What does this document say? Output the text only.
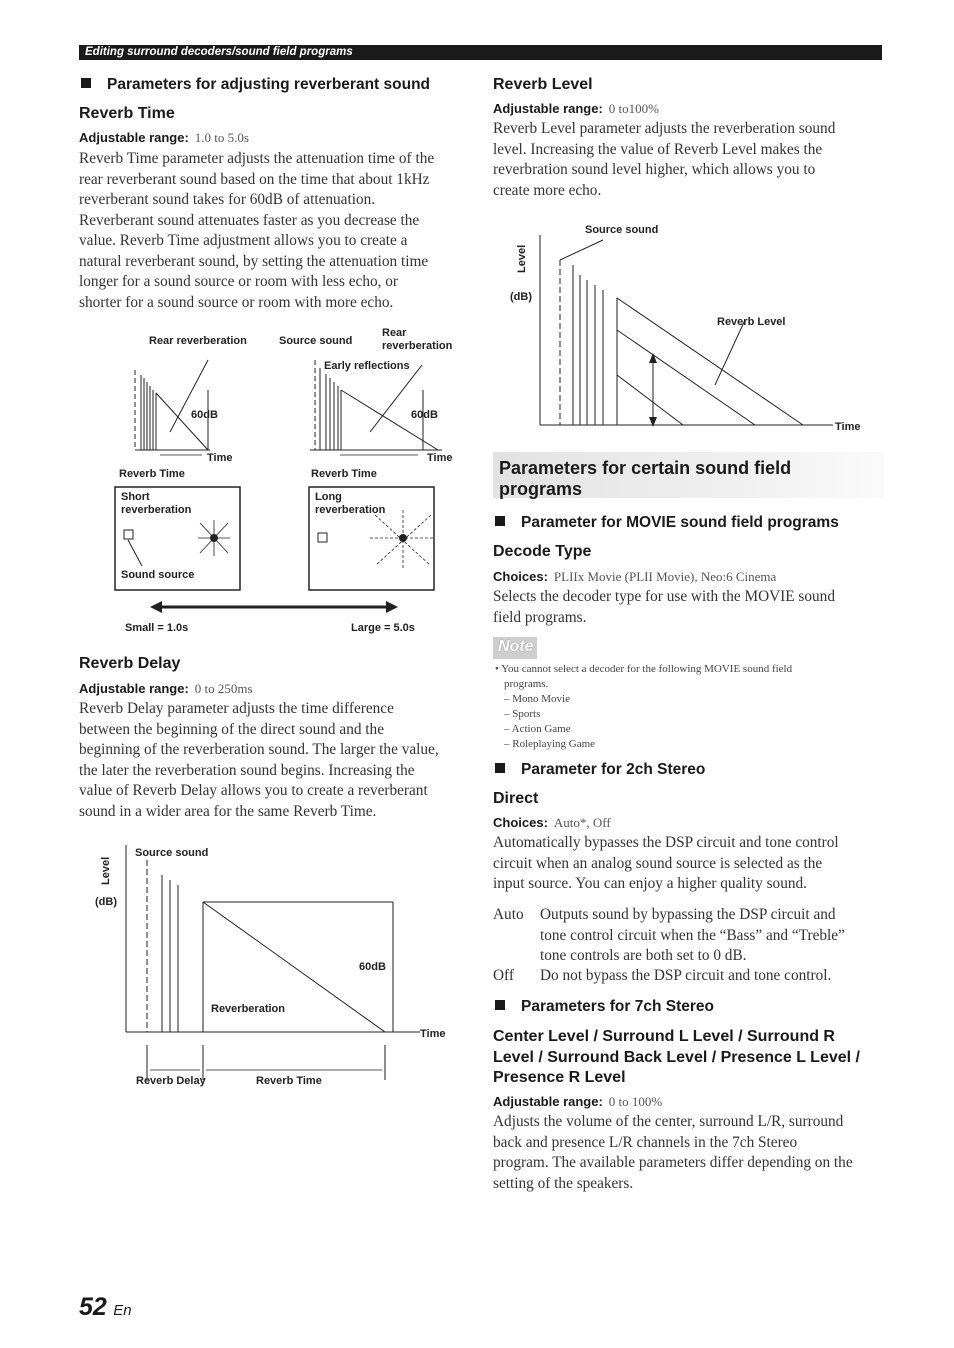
Editing surround decoders/sound field programs
Parameters for adjusting reverberant sound
Reverb Time
Adjustable range: 1.0 to 5.0s

Reverb Time parameter adjusts the attenuation time of the

rear reverberant sound based on the time that about 1kHz

reverberant sound takes for 60dB of attenuation.

Reverberant sound attenuates faster as you decrease the

value. Reverb Time adjustment allows you to create a

natural reverberant sound, by setting the attenuation time

longer for a sound source or room with less echo, or

shorter for a sound source or room with more echo.

Rear reverberation	Source sound
Rear
reverberation
60dB
Time
Reverb Time
Early reflections
60dB
Time
Reverb Time
Short
reverberation
Sound source
Long
reverberation
Small = 1.0s	Large = 5.0s
Reverb Delay
Adjustable range: 0 to 250ms

Reverb Delay parameter adjusts the time difference

between the beginning of the direct sound and the

beginning of the reverberation sound. The larger the value,

the later the reverberation sound begins. Increasing the

value of Reverb Delay allows you to create a reverberant

sound in a wider area for the same Reverb Time.

Level
(dB)
Source sound
60dB
Reverberation
Time
Reverb Delay	Reverb Time
Reverb Level
Adjustable range: 0 to100%

Reverb Level parameter adjusts the reverberation sound

level. Increasing the value of Reverb Level makes the

reverbration sound level higher, which allows you to

create more echo.

Level
(dB)
Source sound
Reverb Level
Time
Parameters for certain sound field
programs
Parameter for MOVIE sound field programs
Decode Type
Choices: PLIIx Movie (PLII Movie), Neo:6 Cinema

Selects the decoder type for use with the MOVIE sound

field programs.

Note
• You cannot select a decoder for the following MOVIE sound field
programs.
– Mono Movie
– Sports
– Action Game
– Roleplaying Game
Parameter for 2ch Stereo
Direct
Choices: Auto*, Off

Automatically bypasses the DSP circuit and tone control

circuit when an analog sound source is selected as the

input source. You can enjoy a higher quality sound.

Auto Outputs sound by bypassing the DSP circuit and
tone control circuit when the “Bass” and “Treble”
tone controls are both set to 0 dB.
Off Do not bypass the DSP circuit and tone control.
Parameters for 7ch Stereo
Center Level / Surround L Level / Surround R
Level / Surround Back Level / Presence L Level /
Presence R Level
Adjustable range: 0 to 100%

Adjusts the volume of the center, surround L/R, surround

back and presence L/R channels in the 7ch Stereo

program. The available parameters differ depending on the

setting of the speakers.

52 En
